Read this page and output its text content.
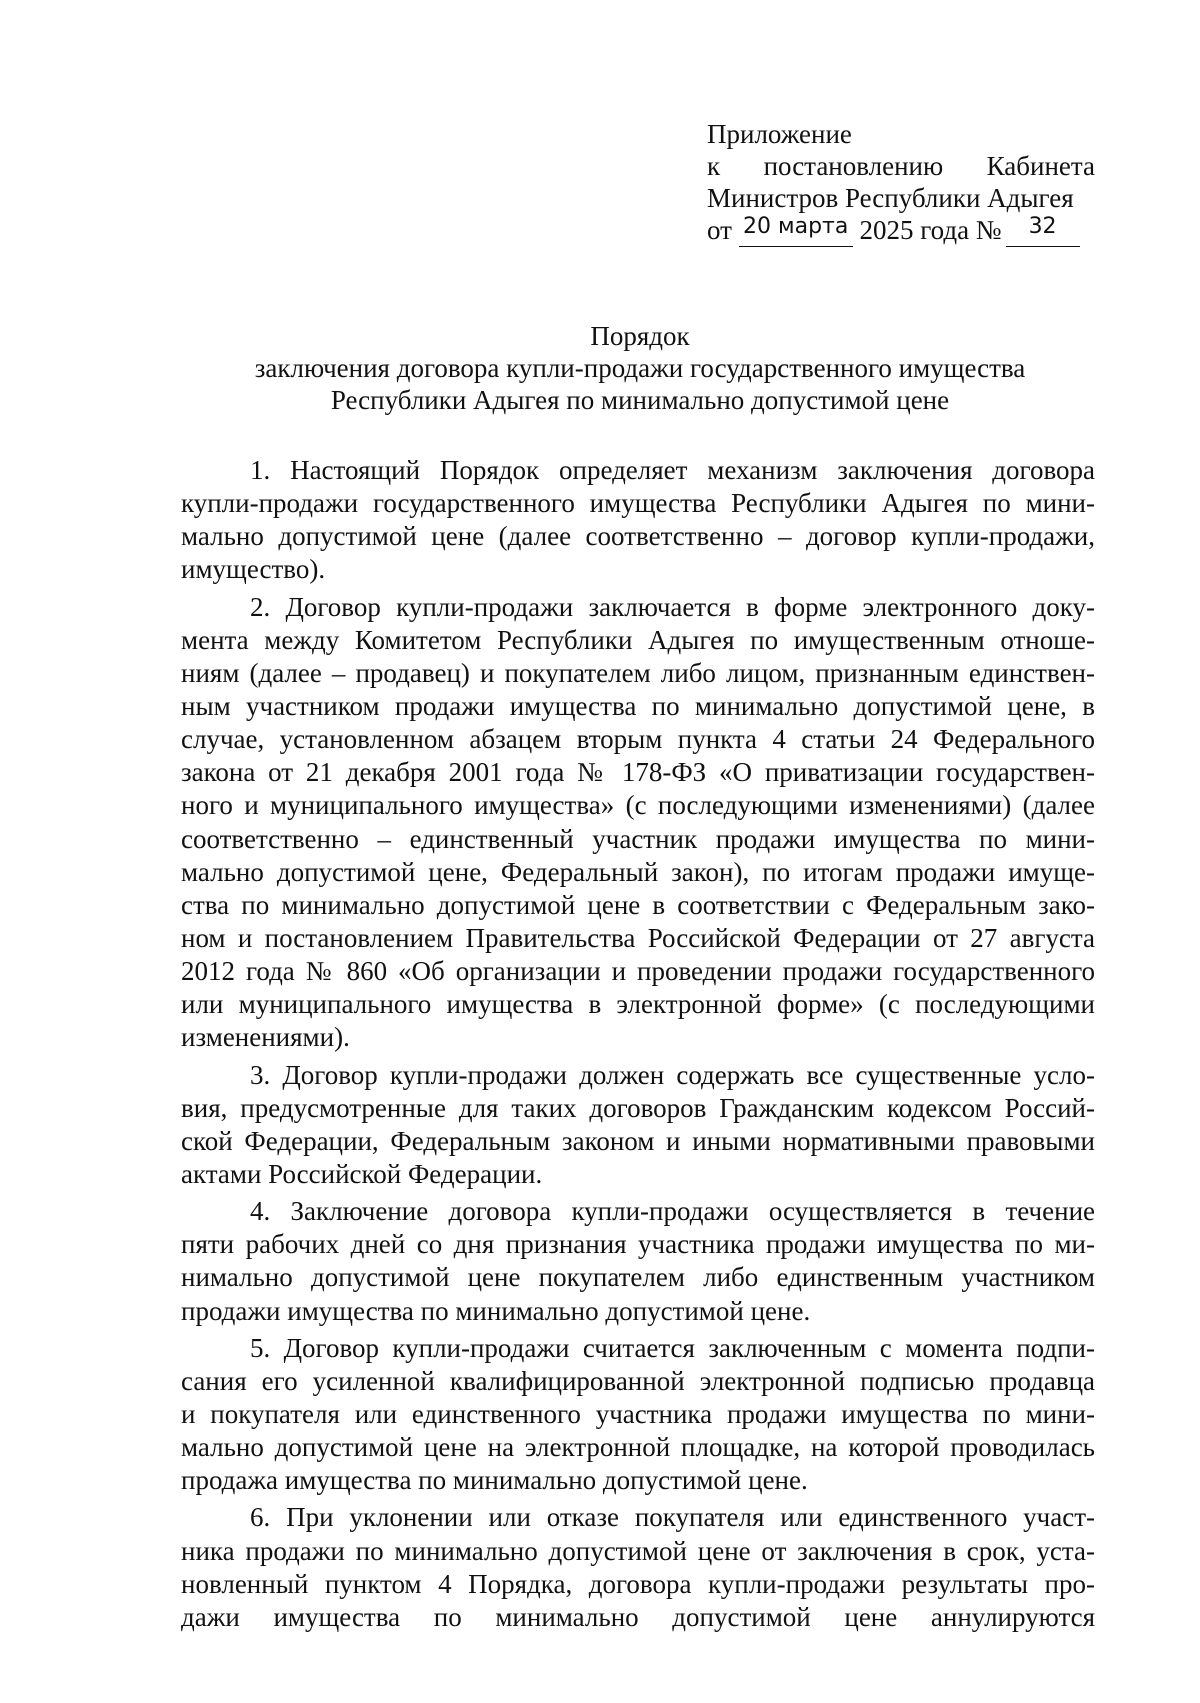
Приложение
к постановлению Кабинета
Министров Республики Адыгея
от $^{20 марта}$ 2025 года № $^{32}$
Порядок
заключения договора купли-продажи государственного имущества
Республики Адыгея по минимально допустимой цене
1. Настоящий Порядок определяет механизм заключения договора
купли-продажи государственного имущества Республики Адыгея по мини-
мально допустимой цене (далее соответственно – договор купли-продажи,
имущество).
2. Договор купли-продажи заключается в форме электронного доку-
мента между Комитетом Республики Адыгея по имущественным отноше-
ниям (далее – продавец) и покупателем либо лицом, признанным единствен-
ным участником продажи имущества по минимально допустимой цене, в
случае, установленном абзацем вторым пункта 4 статьи 24 Федерального
закона от 21 декабря 2001 года № 178-ФЗ «О приватизации государствен-
ного и муниципального имущества» (с последующими изменениями) (далее
соответственно – единственный участник продажи имущества по мини-
мально допустимой цене, Федеральный закон), по итогам продажи имуще-
ства по минимально допустимой цене в соответствии с Федеральным зако-
ном и постановлением Правительства Российской Федерации от 27 августа
2012 года № 860 «Об организации и проведении продажи государственного
или муниципального имущества в электронной форме» (с последующими
изменениями).
3. Договор купли-продажи должен содержать все существенные усло-
вия, предусмотренные для таких договоров Гражданским кодексом Россий-
ской Федерации, Федеральным законом и иными нормативными правовыми
актами Российской Федерации.
4. Заключение договора купли-продажи осуществляется в течение
пяти рабочих дней со дня признания участника продажи имущества по ми-
нимально допустимой цене покупателем либо единственным участником
продажи имущества по минимально допустимой цене.
5. Договор купли-продажи считается заключенным с момента подпи-
сания его усиленной квалифицированной электронной подписью продавца
и покупателя или единственного участника продажи имущества по мини-
мально допустимой цене на электронной площадке, на которой проводилась
продажа имущества по минимально допустимой цене.
6. При уклонении или отказе покупателя или единственного участ-
ника продажи по минимально допустимой цене от заключения в срок, уста-
новленный пунктом 4 Порядка, договора купли-продажи результаты про-
дажи имущества по минимально допустимой цене аннулируются
